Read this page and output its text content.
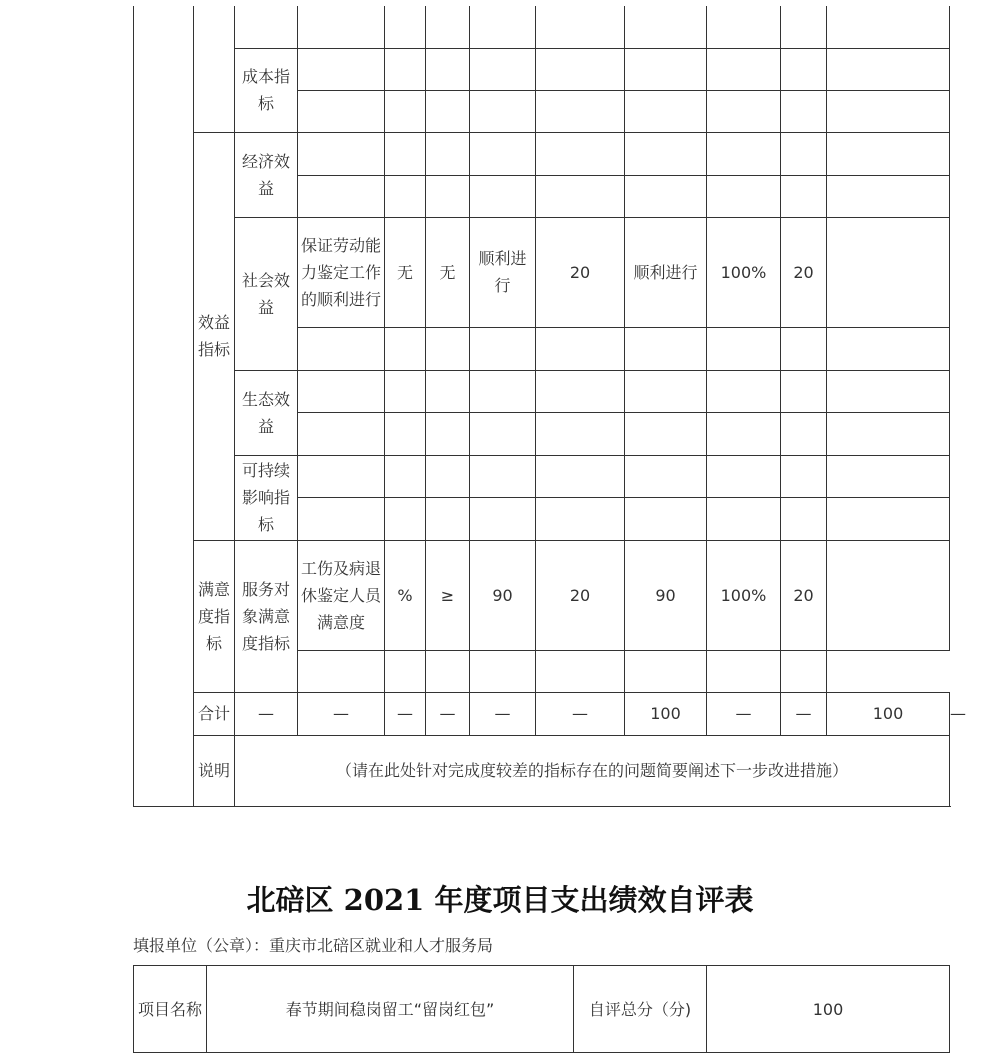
		成本指标										

	效益指标	经济效益										

		社会效益	保证劳动能力鉴定工作的顺利进行	无	无	顺利进行	20	顺利进行	100%	20		

		生态效益										

		可持续影响指标										

	满意度指标	服务对象满意度指标	工伤及病退休鉴定人员满意度	%	≥	90	20	90	100%	20		

	合计	—	—	—	—	—	—	100	—	—	100	—
	说明	（请在此处针对完成度较差的指标存在的问题简要阐述下一步改进措施）										
北碚区 2021 年度项目支出绩效自评表
填报单位（公章）：重庆市北碚区就业和人才服务局
项目名称	春节期间稳岗留工“留岗红包”	自评总分（分)	100
